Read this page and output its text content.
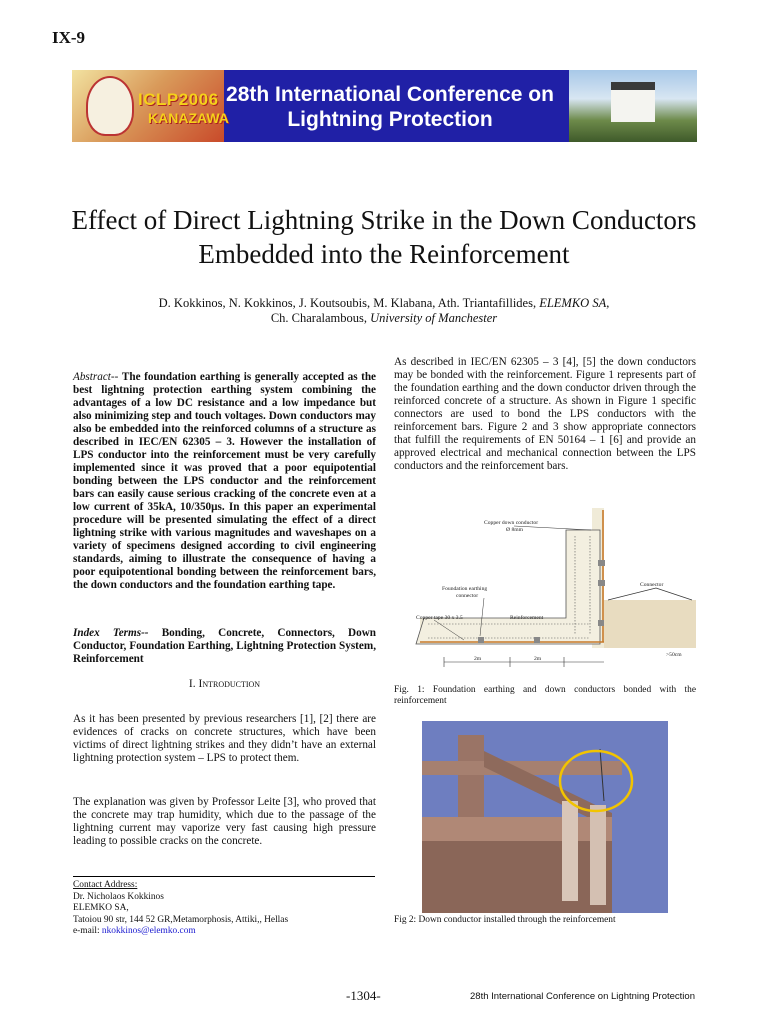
IX-9
ICLP2006
KANAZAWA
28th International Conference on Lightning Protection
Effect of Direct Lightning Strike in the Down Conductors Embedded into the Reinforcement
D. Kokkinos, N. Kokkinos, J. Koutsoubis, M. Klabana, Ath. Triantafillides, ELEMKO SA,
Ch. Charalambous, University of Manchester
Abstract-- The foundation earthing is generally accepted as the best lightning protection earthing system combining the advantages of a low DC resistance and a low impedance but also minimizing step and touch voltages. Down conductors may also be embedded into the reinforced columns of a structure as described in IEC/EN 62305 – 3. However the installation of LPS conductor into the reinforcement must be very carefully implemented since it was proved that a poor equipotential bonding between the LPS conductor and the reinforcement bars can easily cause serious cracking of the concrete even at a low current of 35kA, 10/350μs. In this paper an experimental procedure will be presented simulating the effect of a direct lightning strike with various magnitudes and waveshapes on a variety of specimens designed according to civil engineering standards, aiming to illustrate the consequence of having a poor equipotentional bonding between the reinforcement bars, the down conductors and the foundation earthing tape.
Index Terms-- Bonding, Concrete, Connectors, Down Conductor, Foundation Earthing, Lightning Protection System, Reinforcement
I. Introduction
As it has been presented by previous researchers [1], [2] there are evidences of cracks on concrete structures, which have been victims of direct lightning strikes and they didn’t have an external lightning protection system – LPS to protect them.
The explanation was given by Professor Leite [3], who proved that the concrete may trap humidity, which due to the passage of the lightning current may vaporize very fast causing high pressure leading to possible cracks on the concrete.
Contact Address:
Dr. Nicholaos Kokkinos
ELEMKO SA,
Tatoiou 90 str, 144 52 GR,Metamorphosis, Attiki,, Hellas
e-mail: nkokkinos@elemko.com
As described in IEC/EN 62305 – 3 [4], [5] the down conductors may be bonded with the reinforcement. Figure 1 represents part of the foundation earthing and the down conductor driven through the reinforced concrete of a structure. As shown in Figure 1 specific connectors are used to bond the LPS conductors with the reinforcement bars. Figure 2 and 3 show appropriate connectors that fulfill the requirements of EN 50164 – 1 [6] and provide an approved electrical and mechanical connection between the LPS conductors and the reinforcement bars.
Copper down conductor
Ø 8mm
Connector
Foundation earthing
connector
Copper tape 30 x 3.5	Reinforcement
2m	2m
>50cm
Fig. 1: Foundation earthing and down conductors bonded with the reinforcement
Fig 2: Down conductor installed through the reinforcement
-1304-	28th International Conference on Lightning Protection
